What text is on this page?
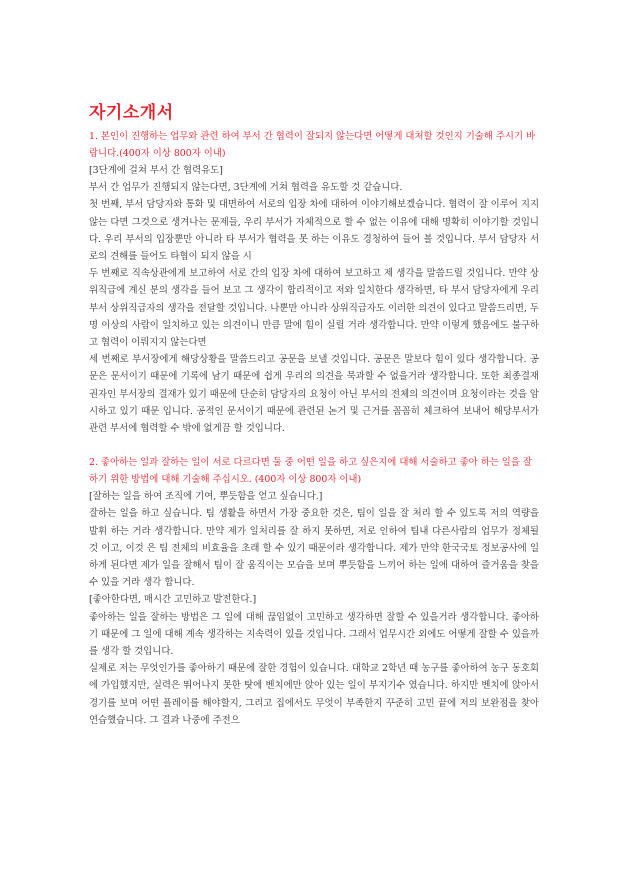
자기소개서

1. 본인이 진행하는 업무와 관련 하여 부서 간 협력이 잘되지 않는다면 어떻게 대처할 것인지 기술해 주시기 바랍니다.(400자 이상 800자 이내)

[3단계에 걸쳐 부서 간 협력유도]

부서 간 업무가 진행되지 않는다면, 3단계에 거쳐 협력을 유도할 것 같습니다.

첫 번째, 부서 담당자와 통화 및 대면하여 서로의 입장 차에 대하여 이야기해보겠습니다. 협력이 잘 이루어 지지 않는 다면 그것으로 생겨나는 문제들, 우리 부서가 자체적으로 할 수 없는 이유에 대해 명확히 이야기할 것입니다. 우리 부서의 입장뿐만 아니라 타 부서가 협력을 못 하는 이유도 경청하여 들어 볼 것입니다. 부서 담당자 서로의 견해를 들어도 타협이 되지 않을 시

두 번째로 직속상관에게 보고하여 서로 간의 입장 차에 대하여 보고하고 제 생각을 말씀드릴 것입니다. 만약 상위직급에 계신 분의 생각을 들어 보고 그 생각이 합리적이고 저와 일치한다 생각하면, 타 부서 담당자에게 우리부서 상위직급자의 생각을 전달할 것입니다. 나뿐만 아니라 상위직급자도 이러한 의견이 있다고 말씀드리면, 두명 이상의 사람이 일치하고 있는 의견이니 만큼 말에 힘이 실릴 거라 생각합니다. 만약 이렇게 했음에도 불구하고 협력이 이뤄지지 않는다면

세 번째로 부서장에게 해당상황을 말씀드리고 공문을 보낼 것입니다. 공문은 말보다 힘이 있다 생각합니다. 공문은 문서이기 때문에 기록에 남기 때문에 쉽게 우리의 의견을 묵과할 수 없을거라 생각합니다. 또한 최종결재권자인 부서장의 결재가 있기 때문에 단순히 담당자의 요청이 아닌 부서의 전체의 의견이며 요청이라는 것을 암시하고 있기 때문 입니다. 공적인 문서이기 때문에 관련된 논거 및 근거를 꼼꼼히 체크하여 보내어 해당부서가 관련 부서에 협력할 수 밖에 없게끔 할 것입니다.

2. 좋아하는 일과 잘하는 일이 서로 다르다면 둘 중 어떤 일을 하고 싶은지에 대해 서술하고 좋아 하는 일을 잘 하기 위한 방법에 대해 기술해 주십시오. (400자 이상 800자 이내)

[잘하는 일을 하여 조직에 기여, 뿌듯함을 얻고 싶습니다.]

잘하는 일을 하고 싶습니다. 팀 생활을 하면서 가장 중요한 것은, 팀이 일을 잘 처리 할 수 있도록 저의 역량을 발휘 하는 거라 생각합니다. 만약 제가 일처리를 잘 하지 못하면, 저로 인하여 팀내 다른사람의 업무가 정체될 것 이고, 이것 은 팀 전체의 비효율을 초래 할 수 있기 때문이라 생각합니다. 제가 만약 한국국토 정보공사에 일하게 된다면 제가 일을 잘해서 팀이 잘 움직이는 모습을 보며 뿌듯함을 느끼어 하는 일에 대하여 즐거움을 찾을 수 있을 거라 생각 합니다.

[좋아한다면, 매시간 고민하고 발전한다.]

좋아하는 일을 잘하는 방법은 그 일에 대해 끊임없이 고민하고 생각하면 잘할 수 있을거라 생각합니다. 좋아하기 때문에 그 일에 대해 계속 생각하는 지속력이 있을 것입니다. 그래서 업무시간 외에도 어떻게 잘할 수 있을까를 생각 할 것입니다.

실제로 저는 무엇인가를 좋아하기 때문에 잘한 경험이 있습니다. 대학교 2학년 때 농구를 좋아하여 농구 동호회에 가입했지만, 실력은 뛰어나지 못한 탓에 벤치에만 앉아 있는 일이 부지기수 였습니다. 하지만 벤치에 앉아서 경기를 보며 어떤 플레이를 해야할지, 그리고 집에서도 무엇이 부족한지 꾸준히 고민 끝에 저의 보완점을 찾아 연습했습니다. 그 결과 나중에 주전으
